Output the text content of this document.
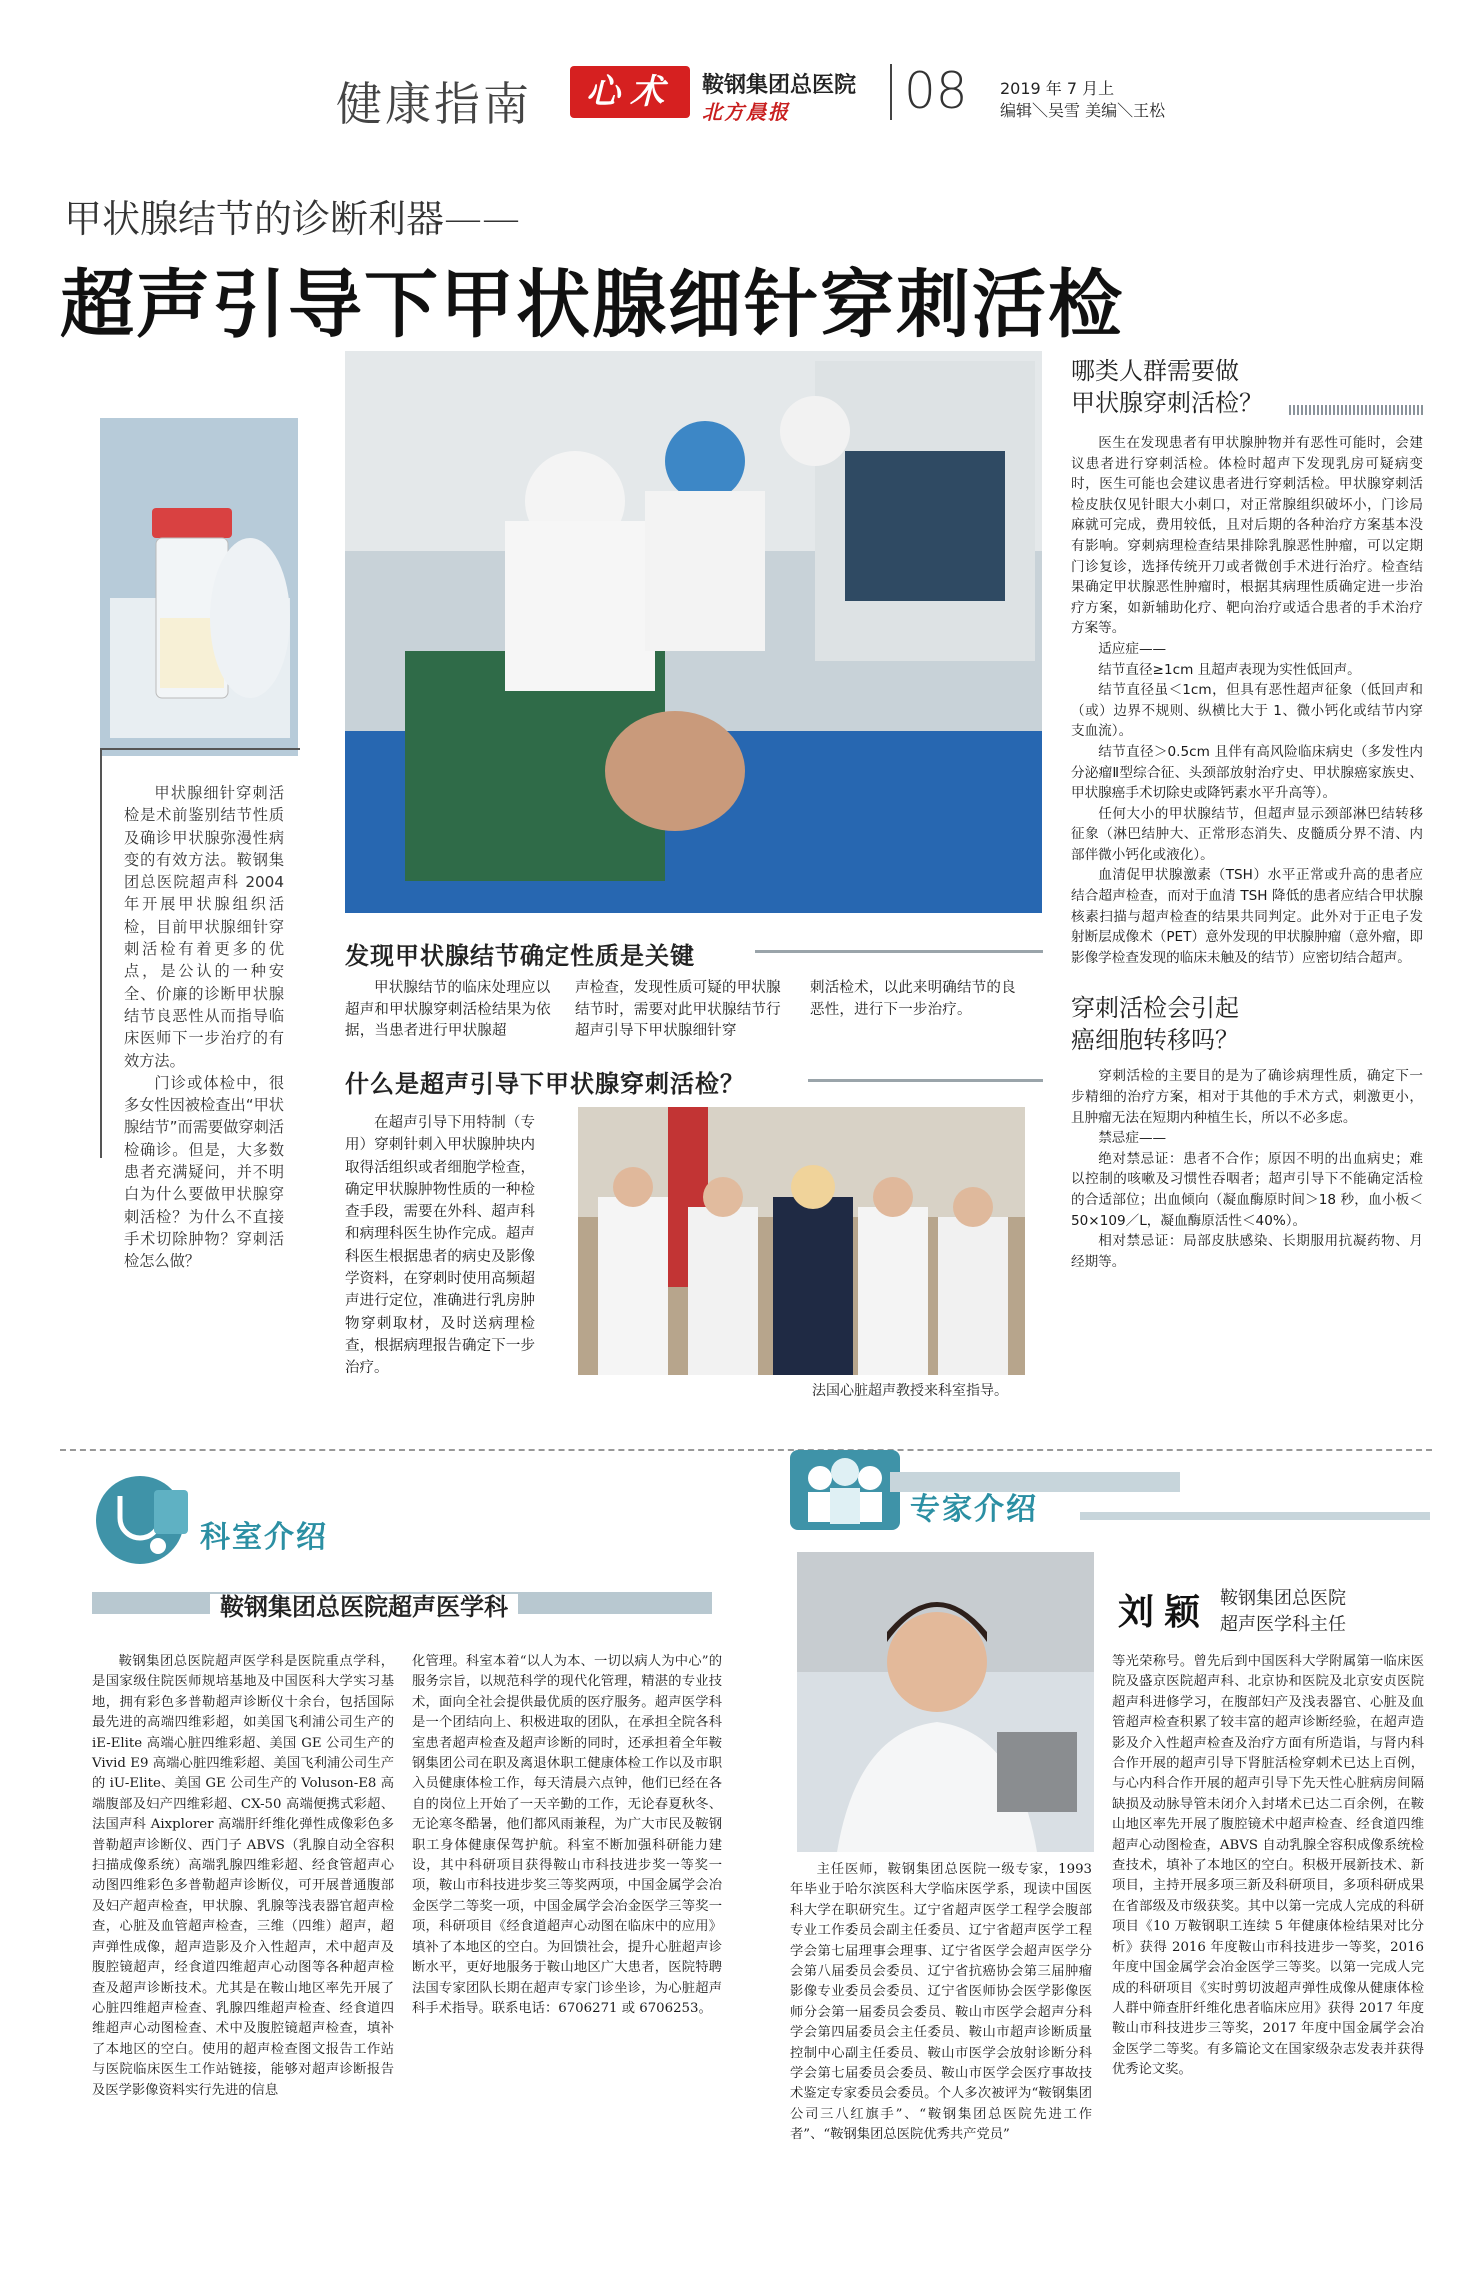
健康指南	心术	鞍钢集团总医院
北方晨报 08 2019 年 7 月上
编辑＼吴雪 美编＼王松
甲状腺结节的诊断利器——
超声引导下甲状腺细针穿刺活检

甲状腺细针穿刺活检是术前鉴别结节性质及确诊甲状腺弥漫性病变的有效方法。鞍钢集团总医院超声科 2004 年开展甲状腺组织活检，目前甲状腺细针穿刺活检有着更多的优点，是公认的一种安全、价廉的诊断甲状腺结节良恶性从而指导临床医师下一步治疗的有效方法。

门诊或体检中，很多女性因被检查出“甲状腺结节”而需要做穿刺活检确诊。但是，大多数患者充满疑问，并不明白为什么要做甲状腺穿刺活检？为什么不直接手术切除肿物？穿刺活检怎么做？

发现甲状腺结节确定性质是关键
甲状腺结节的临床处理应以超声和甲状腺穿刺活检结果为依据，当患者进行甲状腺超
声检查，发现性质可疑的甲状腺结节时，需要对此甲状腺结节行超声引导下甲状腺细针穿
刺活检术，以此来明确结节的良恶性，进行下一步治疗。
什么是超声引导下甲状腺穿刺活检？
在超声引导下用特制（专用）穿刺针刺入甲状腺肿块内取得活组织或者细胞学检查，确定甲状腺肿物性质的一种检查手段，需要在外科、超声科和病理科医生协作完成。超声科医生根据患者的病史及影像学资料，在穿刺时使用高频超声进行定位，准确进行乳房肿物穿刺取材，及时送病理检查，根据病理报告确定下一步治疗。
法国心脏超声教授来科室指导。
哪类人群需要做
甲状腺穿刺活检？

医生在发现患者有甲状腺肿物并有恶性可能时，会建议患者进行穿刺活检。体检时超声下发现乳房可疑病变时，医生可能也会建议患者进行穿刺活检。甲状腺穿刺活检皮肤仅见针眼大小刺口，对正常腺组织破坏小，门诊局麻就可完成，费用较低，且对后期的各种治疗方案基本没有影响。穿刺病理检查结果排除乳腺恶性肿瘤，可以定期门诊复诊，选择传统开刀或者微创手术进行治疗。检查结果确定甲状腺恶性肿瘤时，根据其病理性质确定进一步治疗方案，如新辅助化疗、靶向治疗或适合患者的手术治疗方案等。

适应症——

结节直径≥1cm 且超声表现为实性低回声。

结节直径虽＜1cm，但具有恶性超声征象（低回声和（或）边界不规则、纵横比大于 1、微小钙化或结节内穿支血流）。

结节直径＞0.5cm 且伴有高风险临床病史（多发性内分泌瘤Ⅱ型综合征、头颈部放射治疗史、甲状腺癌家族史、甲状腺癌手术切除史或降钙素水平升高等）。

任何大小的甲状腺结节，但超声显示颈部淋巴结转移征象（淋巴结肿大、正常形态消失、皮髓质分界不清、内部伴微小钙化或液化）。

血清促甲状腺激素（TSH）水平正常或升高的患者应结合超声检查，而对于血清 TSH 降低的患者应结合甲状腺核素扫描与超声检查的结果共同判定。此外对于正电子发射断层成像术（PET）意外发现的甲状腺肿瘤（意外瘤，即影像学检查发现的临床未触及的结节）应密切结合超声。

穿刺活检会引起
癌细胞转移吗？

穿刺活检的主要目的是为了确诊病理性质，确定下一步精细的治疗方案，相对于其他的手术方式，刺激更小，且肿瘤无法在短期内种植生长，所以不必多虑。

禁忌症——

绝对禁忌证：患者不合作；原因不明的出血病史；难以控制的咳嗽及习惯性吞咽者；超声引导下不能确定活检的合适部位；出血倾向（凝血酶原时间＞18 秒，血小板＜50×109／L，凝血酶原活性＜40%）。

相对禁忌证：局部皮肤感染、长期服用抗凝药物、月经期等。

科室介绍
鞍钢集团总医院超声医学科
鞍钢集团总医院超声医学科是医院重点学科，是国家级住院医师规培基地及中国医科大学实习基地，拥有彩色多普勒超声诊断仪十余台，包括国际最先进的高端四维彩超，如美国飞利浦公司生产的iE-Elite 高端心脏四维彩超、美国 GE 公司生产的 Vivid E9 高端心脏四维彩超、美国飞利浦公司生产的 iU-Elite、美国 GE 公司生产的 Voluson-E8 高端腹部及妇产四维彩超、CX-50 高端便携式彩超、法国声科 Aixplorer 高端肝纤维化弹性成像彩色多普勒超声诊断仪、西门子 ABVS（乳腺自动全容积扫描成像系统）高端乳腺四维彩超、经食管超声心动图四维彩色多普勒超声诊断仪，可开展普通腹部及妇产超声检查，甲状腺、乳腺等浅表器官超声检查，心脏及血管超声检查，三维（四维）超声，超声弹性成像，超声造影及介入性超声，术中超声及腹腔镜超声，经食道四维超声心动图等各种超声检查及超声诊断技术。尤其是在鞍山地区率先开展了心脏四维超声检查、乳腺四维超声检查、经食道四维超声心动图检查、术中及腹腔镜超声检查，填补了本地区的空白。使用的超声检查图文报告工作站与医院临床医生工作站链接，能够对超声诊断报告及医学影像资料实行先进的信息
化管理。科室本着“以人为本、一切以病人为中心”的服务宗旨，以规范科学的现代化管理，精湛的专业技术，面向全社会提供最优质的医疗服务。超声医学科是一个团结向上、积极进取的团队，在承担全院各科室患者超声检查及超声诊断的同时，还承担着全年鞍钢集团公司在职及离退休职工健康体检工作以及市职入员健康体检工作，每天清晨六点钟，他们已经在各自的岗位上开始了一天辛勤的工作，无论春夏秋冬、无论寒冬酷暑，他们都风雨兼程，为广大市民及鞍钢职工身体健康保驾护航。科室不断加强科研能力建设，其中科研项目获得鞍山市科技进步奖一等奖一项，鞍山市科技进步奖三等奖两项，中国金属学会冶金医学二等奖一项，中国金属学会冶金医学三等奖一项，科研项目《经食道超声心动图在临床中的应用》填补了本地区的空白。为回馈社会，提升心脏超声诊断水平，更好地服务于鞍山地区广大患者，医院特聘法国专家团队长期在超声专家门诊坐诊，为心脏超声科手术指导。联系电话：6706271 或 6706253。
专家介绍
刘颖 鞍钢集团总医院
超声医学科主任
主任医师，鞍钢集团总医院一级专家，1993 年毕业于哈尔滨医科大学临床医学系，现读中国医科大学在职研究生。辽宁省超声医学工程学会腹部专业工作委员会副主任委员、辽宁省超声医学工程学会第七届理事会理事、辽宁省医学会超声医学分会第八届委员会委员、辽宁省抗癌协会第三届肿瘤影像专业委员会委员、辽宁省医师协会医学影像医师分会第一届委员会委员、鞍山市医学会超声分科学会第四届委员会主任委员、鞍山市超声诊断质量控制中心副主任委员、鞍山市医学会放射诊断分科学会第七届委员会委员、鞍山市医学会医疗事故技术鉴定专家委员会委员。个人多次被评为“鞍钢集团公司三八红旗手”、“鞍钢集团总医院先进工作者”、“鞍钢集团总医院优秀共产党员”
等光荣称号。曾先后到中国医科大学附属第一临床医院及盛京医院超声科、北京协和医院及北京安贞医院超声科进修学习，在腹部妇产及浅表器官、心脏及血管超声检查积累了较丰富的超声诊断经验，在超声造影及介入性超声检查及治疗方面有所造诣，与肾内科合作开展的超声引导下肾脏活检穿刺术已达上百例，与心内科合作开展的超声引导下先天性心脏病房间隔缺损及动脉导管未闭介入封堵术已达二百余例，在鞍山地区率先开展了腹腔镜术中超声检查、经食道四维超声心动图检查，ABVS 自动乳腺全容积成像系统检查技术，填补了本地区的空白。积极开展新技术、新项目，主持开展多项三新及科研项目，多项科研成果在省部级及市级获奖。其中以第一完成人完成的科研项目《10 万鞍钢职工连续 5 年健康体检结果对比分析》获得 2016 年度鞍山市科技进步一等奖，2016 年度中国金属学会冶金医学三等奖。以第一完成人完成的科研项目《实时剪切波超声弹性成像从健康体检人群中筛查肝纤维化患者临床应用》获得 2017 年度鞍山市科技进步三等奖，2017 年度中国金属学会冶金医学二等奖。有多篇论文在国家级杂志发表并获得优秀论文奖。
